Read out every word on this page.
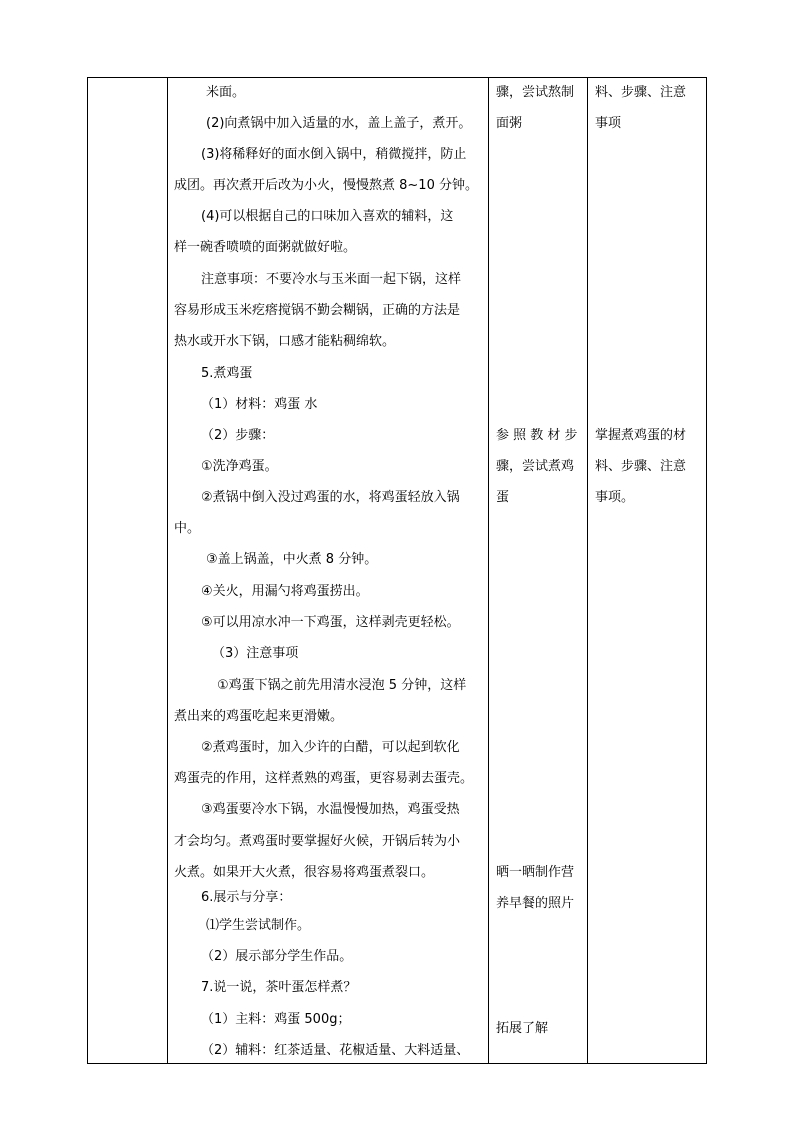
米面。
(2)向煮锅中加入适量的水，盖上盖子，煮开。
(3)将稀释好的面水倒入锅中，稍微搅拌，防止
成团。再次煮开后改为小火，慢慢熬煮 8~10 分钟。
(4)可以根据自己的口味加入喜欢的辅料，这
样一碗香喷喷的面粥就做好啦。
注意事项：不要冷水与玉米面一起下锅，这样
容易形成玉米疙瘩搅锅不勤会糊锅，正确的方法是
热水或开水下锅，口感才能粘稠绵软。
5.煮鸡蛋
（1）材料：鸡蛋 水
（2）步骤：
①洗净鸡蛋。
②煮锅中倒入没过鸡蛋的水，将鸡蛋轻放入锅
中。
③盖上锅盖，中火煮 8 分钟。
④关火，用漏勺将鸡蛋捞出。
⑤可以用凉水冲一下鸡蛋，这样剥壳更轻松。
（3）注意事项
①鸡蛋下锅之前先用清水浸泡 5 分钟，这样
煮出来的鸡蛋吃起来更滑嫩。
②煮鸡蛋时，加入少许的白醋，可以起到软化
鸡蛋壳的作用，这样煮熟的鸡蛋，更容易剥去蛋壳。
③鸡蛋要冷水下锅，水温慢慢加热，鸡蛋受热
才会均匀。煮鸡蛋时要掌握好火候，开锅后转为小
火煮。如果开大火煮，很容易将鸡蛋煮裂口。
6.展示与分享：
⑴学生尝试制作。
（2）展示部分学生作品。
7.说一说，茶叶蛋怎样煮？
（1）主料：鸡蛋 500g；
（2）辅料：红茶适量、花椒适量、大料适量、
骤，尝试熬制
面粥
参 照 教 材 步
骤，尝试煮鸡
蛋
晒一晒制作营
养早餐的照片
拓展了解
料、步骤、注意
事项
掌握煮鸡蛋的材
料、步骤、注意
事项。
